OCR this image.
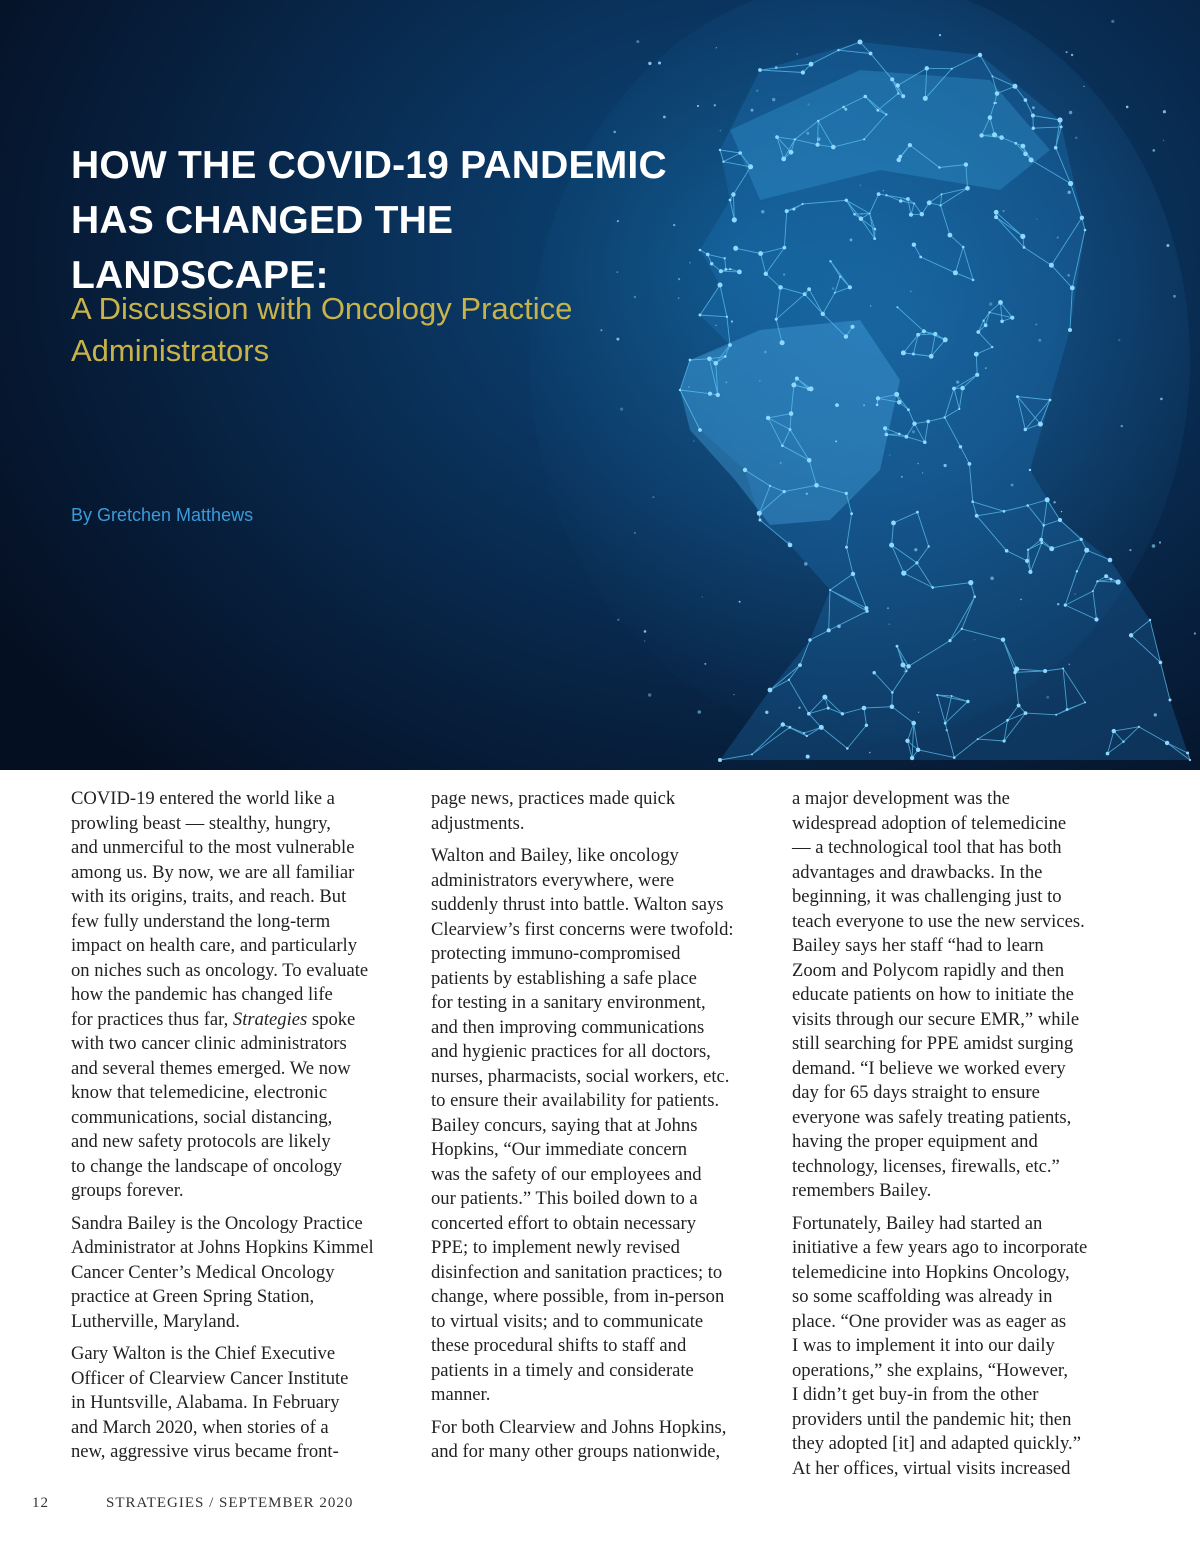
HOW THE COVID-19 PANDEMIC
HAS CHANGED THE
LANDSCAPE:
A Discussion with Oncology Practice
Administrators
By Gretchen Matthews

COVID-19 entered the world like a
prowling beast — stealthy, hungry,
and unmerciful to the most vulnerable
among us. By now, we are all familiar
with its origins, traits, and reach. But
few fully understand the long-term
impact on health care, and particularly
on niches such as oncology. To evaluate
how the pandemic has changed life
for practices thus far, Strategies spoke
with two cancer clinic administrators
and several themes emerged. We now
know that telemedicine, electronic
communications, social distancing,
and new safety protocols are likely
to change the landscape of oncology
groups forever.

Sandra Bailey is the Oncology Practice
Administrator at Johns Hopkins Kimmel
Cancer Center’s Medical Oncology
practice at Green Spring Station,
Lutherville, Maryland.

Gary Walton is the Chief Executive
Officer of Clearview Cancer Institute
in Huntsville, Alabama. In February
and March 2020, when stories of a
new, aggressive virus became front-

page news, practices made quick
adjustments.

Walton and Bailey, like oncology
administrators everywhere, were
suddenly thrust into battle. Walton says
Clearview’s first concerns were twofold:
protecting immuno-compromised
patients by establishing a safe place
for testing in a sanitary environment,
and then improving communications
and hygienic practices for all doctors,
nurses, pharmacists, social workers, etc.
to ensure their availability for patients.
Bailey concurs, saying that at Johns
Hopkins, “Our immediate concern
was the safety of our employees and
our patients.” This boiled down to a
concerted effort to obtain necessary
PPE; to implement newly revised
disinfection and sanitation practices; to
change, where possible, from in-person
to virtual visits; and to communicate
these procedural shifts to staff and
patients in a timely and considerate
manner.

For both Clearview and Johns Hopkins,
and for many other groups nationwide,

a major development was the
widespread adoption of telemedicine
— a technological tool that has both
advantages and drawbacks. In the
beginning, it was challenging just to
teach everyone to use the new services.
Bailey says her staff “had to learn
Zoom and Polycom rapidly and then
educate patients on how to initiate the
visits through our secure EMR,” while
still searching for PPE amidst surging
demand. “I believe we worked every
day for 65 days straight to ensure
everyone was safely treating patients,
having the proper equipment and
technology, licenses, firewalls, etc.”
remembers Bailey.

Fortunately, Bailey had started an
initiative a few years ago to incorporate
telemedicine into Hopkins Oncology,
so some scaffolding was already in
place. “One provider was as eager as
I was to implement it into our daily
operations,” she explains, “However,
I didn’t get buy-in from the other
providers until the pandemic hit; then
they adopted [it] and adapted quickly.”
At her offices, virtual visits increased

12	STRATEGIES / SEPTEMBER 2020
